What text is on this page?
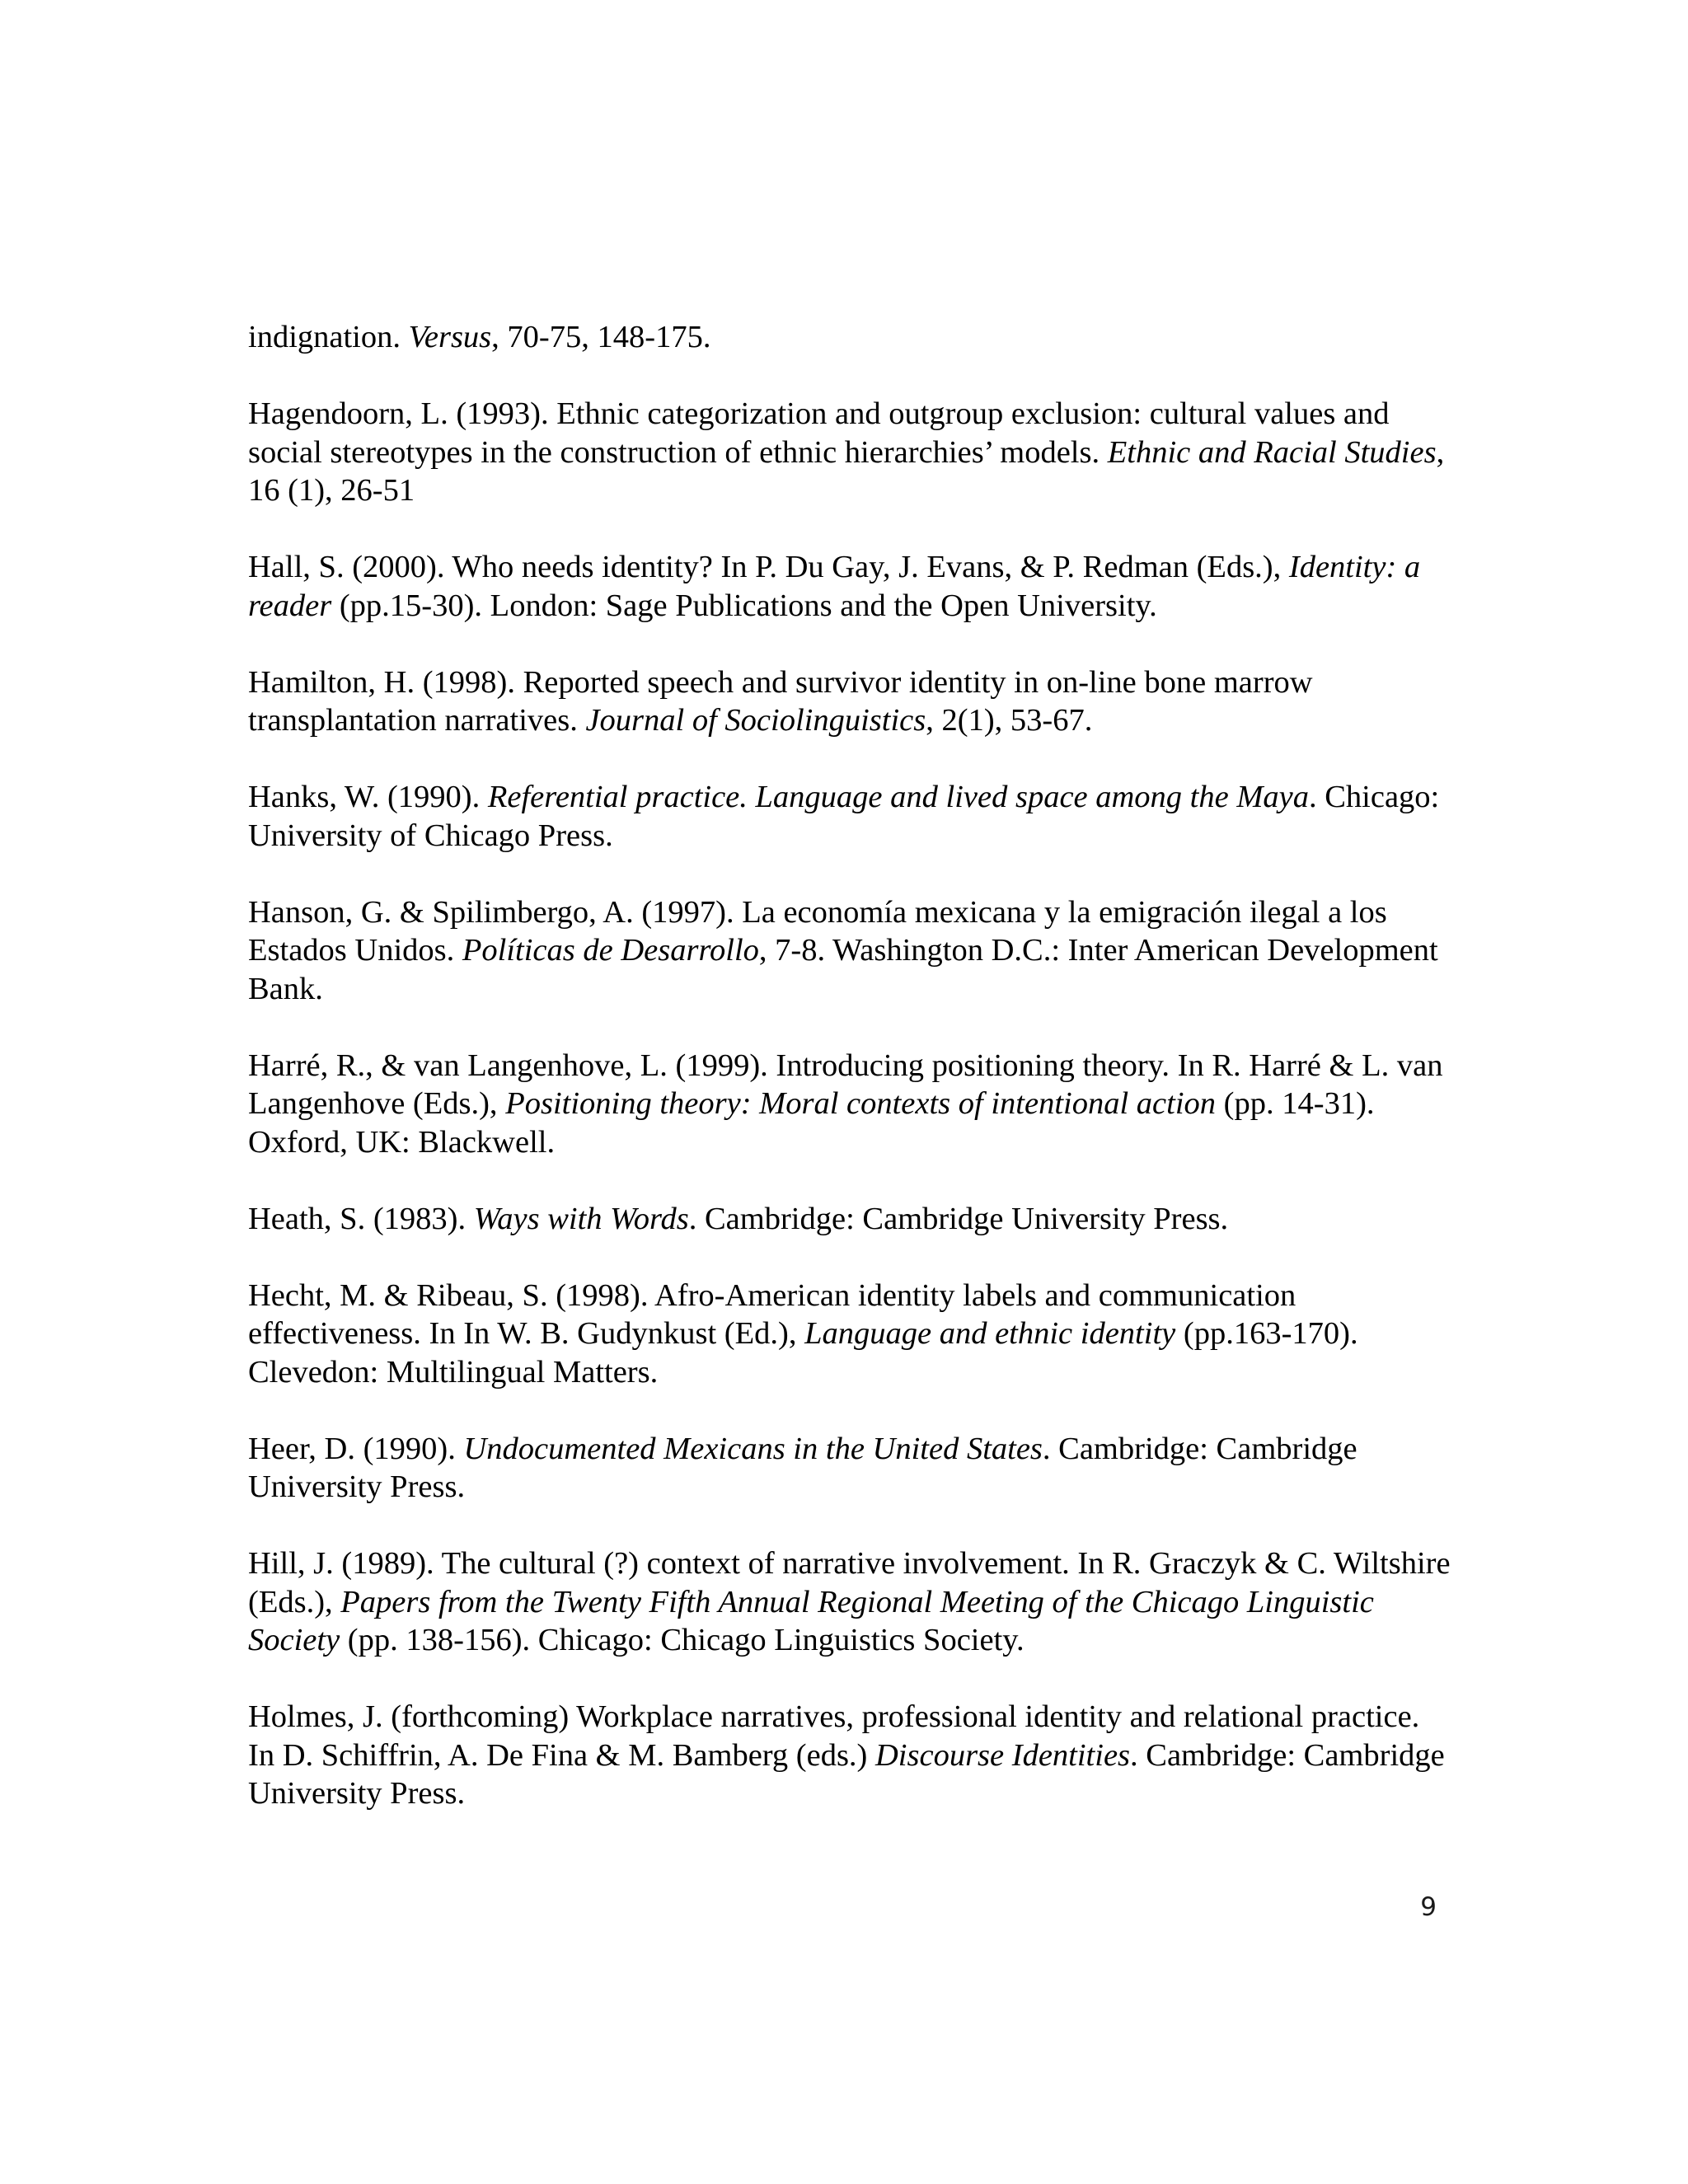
indignation. Versus, 70-75, 148-175.

Hagendoorn, L. (1993). Ethnic categorization and outgroup exclusion: cultural values and social stereotypes in the construction of ethnic hierarchies’ models. Ethnic and Racial Studies, 16 (1), 26-51

Hall, S. (2000). Who needs identity? In P. Du Gay, J. Evans, & P. Redman (Eds.), Identity: a reader (pp.15-30). London: Sage Publications and the Open University.

Hamilton, H. (1998). Reported speech and survivor identity in on-line bone marrow transplantation narratives. Journal of Sociolinguistics, 2(1), 53-67.

Hanks, W. (1990). Referential practice. Language and lived space among the Maya. Chicago: University of Chicago Press.

Hanson, G. & Spilimbergo, A. (1997). La economía mexicana y la emigración ilegal a los Estados Unidos. Políticas de Desarrollo, 7-8. Washington D.C.: Inter American Development Bank.

Harré, R., & van Langenhove, L. (1999). Introducing positioning theory. In R. Harré & L. van Langenhove (Eds.), Positioning theory: Moral contexts of intentional action (pp. 14-31). Oxford, UK: Blackwell.

Heath, S. (1983). Ways with Words. Cambridge: Cambridge University Press.

Hecht, M. & Ribeau, S. (1998). Afro-American identity labels and communication effectiveness. In In W. B. Gudynkust (Ed.), Language and ethnic identity (pp.163-170). Clevedon: Multilingual Matters.

Heer, D. (1990). Undocumented Mexicans in the United States. Cambridge: Cambridge University Press.

Hill, J. (1989). The cultural (?) context of narrative involvement. In R. Graczyk & C. Wiltshire (Eds.), Papers from the Twenty Fifth Annual Regional Meeting of the Chicago Linguistic Society (pp. 138-156). Chicago: Chicago Linguistics Society.

Holmes, J. (forthcoming) Workplace narratives, professional identity and relational practice. In D. Schiffrin, A. De Fina & M. Bamberg (eds.) Discourse Identities. Cambridge: Cambridge University Press.

9
